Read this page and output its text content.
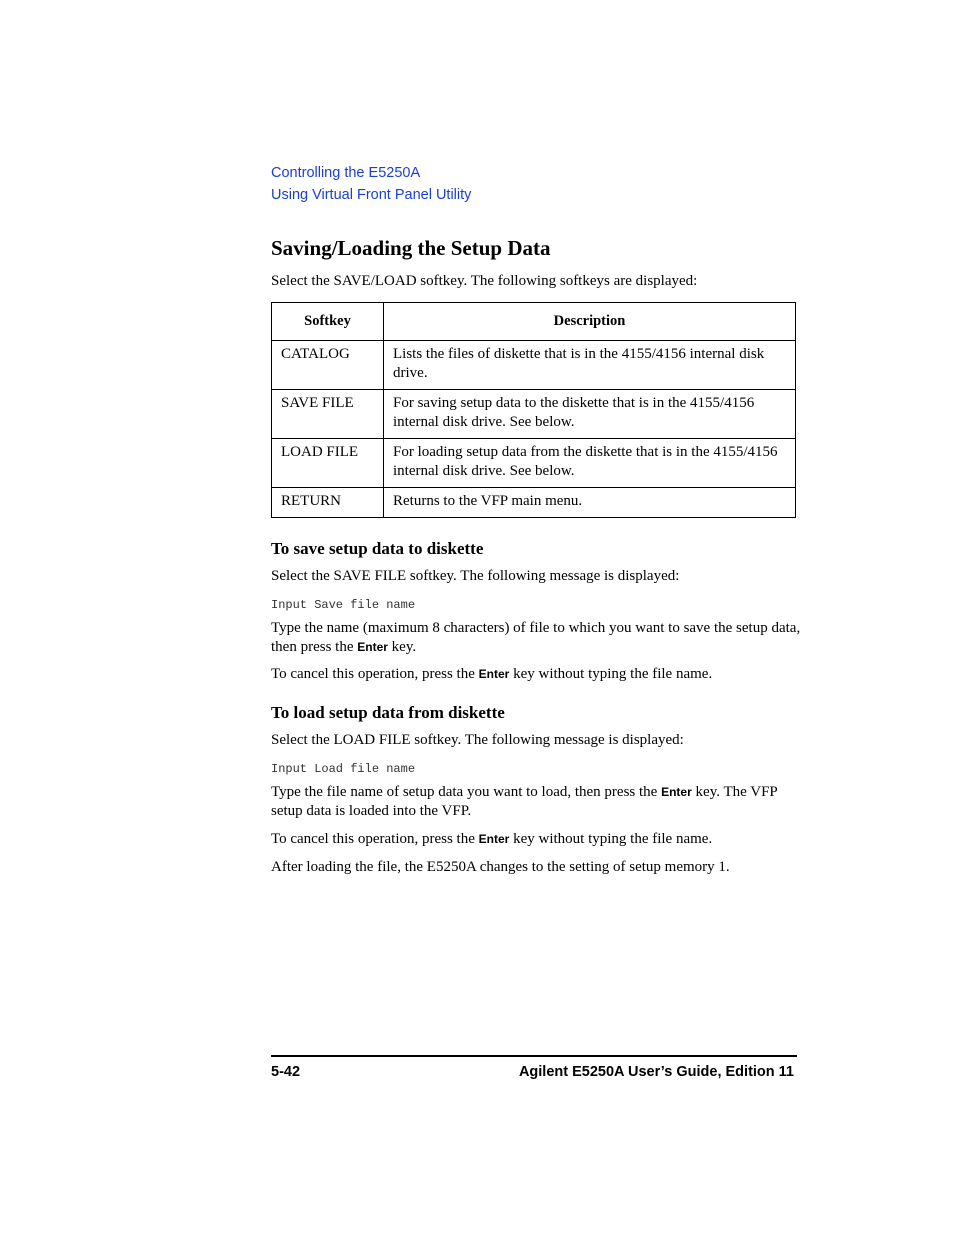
Controlling the E5250A
Using Virtual Front Panel Utility
Saving/Loading the Setup Data

Select the SAVE/LOAD softkey. The following softkeys are displayed:

Softkey	Description
CATALOG	Lists the files of diskette that is in the 4155/4156 internal disk drive.
SAVE FILE	For saving setup data to the diskette that is in the 4155/4156 internal disk drive. See below.
LOAD FILE	For loading setup data from the diskette that is in the 4155/4156 internal disk drive. See below.
RETURN	Returns to the VFP main menu.
To save setup data to diskette

Select the SAVE FILE softkey. The following message is displayed:

Input Save file name

Type the name (maximum 8 characters) of file to which you want to save the setup data, then press the Enter key.

To cancel this operation, press the Enter key without typing the file name.

To load setup data from diskette

Select the LOAD FILE softkey. The following message is displayed:

Input Load file name

Type the file name of setup data you want to load, then press the Enter key. The VFP setup data is loaded into the VFP.

To cancel this operation, press the Enter key without typing the file name.

After loading the file, the E5250A changes to the setting of setup memory 1.

5-42	Agilent E5250A User’s Guide, Edition 11
